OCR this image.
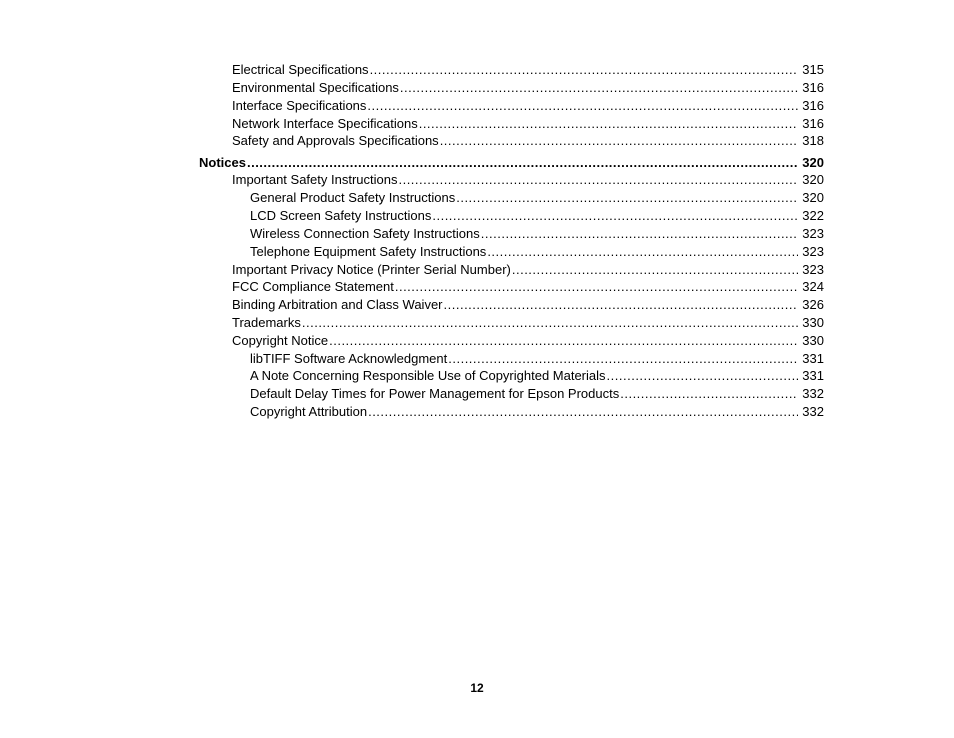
Electrical Specifications .....	315
Environmental Specifications .....	316
Interface Specifications .....	316
Network Interface Specifications .....	316
Safety and Approvals Specifications .....	318
Notices .....	320
Important Safety Instructions .....	320
General Product Safety Instructions .....	320
LCD Screen Safety Instructions .....	322
Wireless Connection Safety Instructions .....	323
Telephone Equipment Safety Instructions .....	323
Important Privacy Notice (Printer Serial Number) .....	323
FCC Compliance Statement .....	324
Binding Arbitration and Class Waiver .....	326
Trademarks .....	330
Copyright Notice .....	330
libTIFF Software Acknowledgment .....	331
A Note Concerning Responsible Use of Copyrighted Materials .....	331
Default Delay Times for Power Management for Epson Products .....	332
Copyright Attribution .....	332
12
